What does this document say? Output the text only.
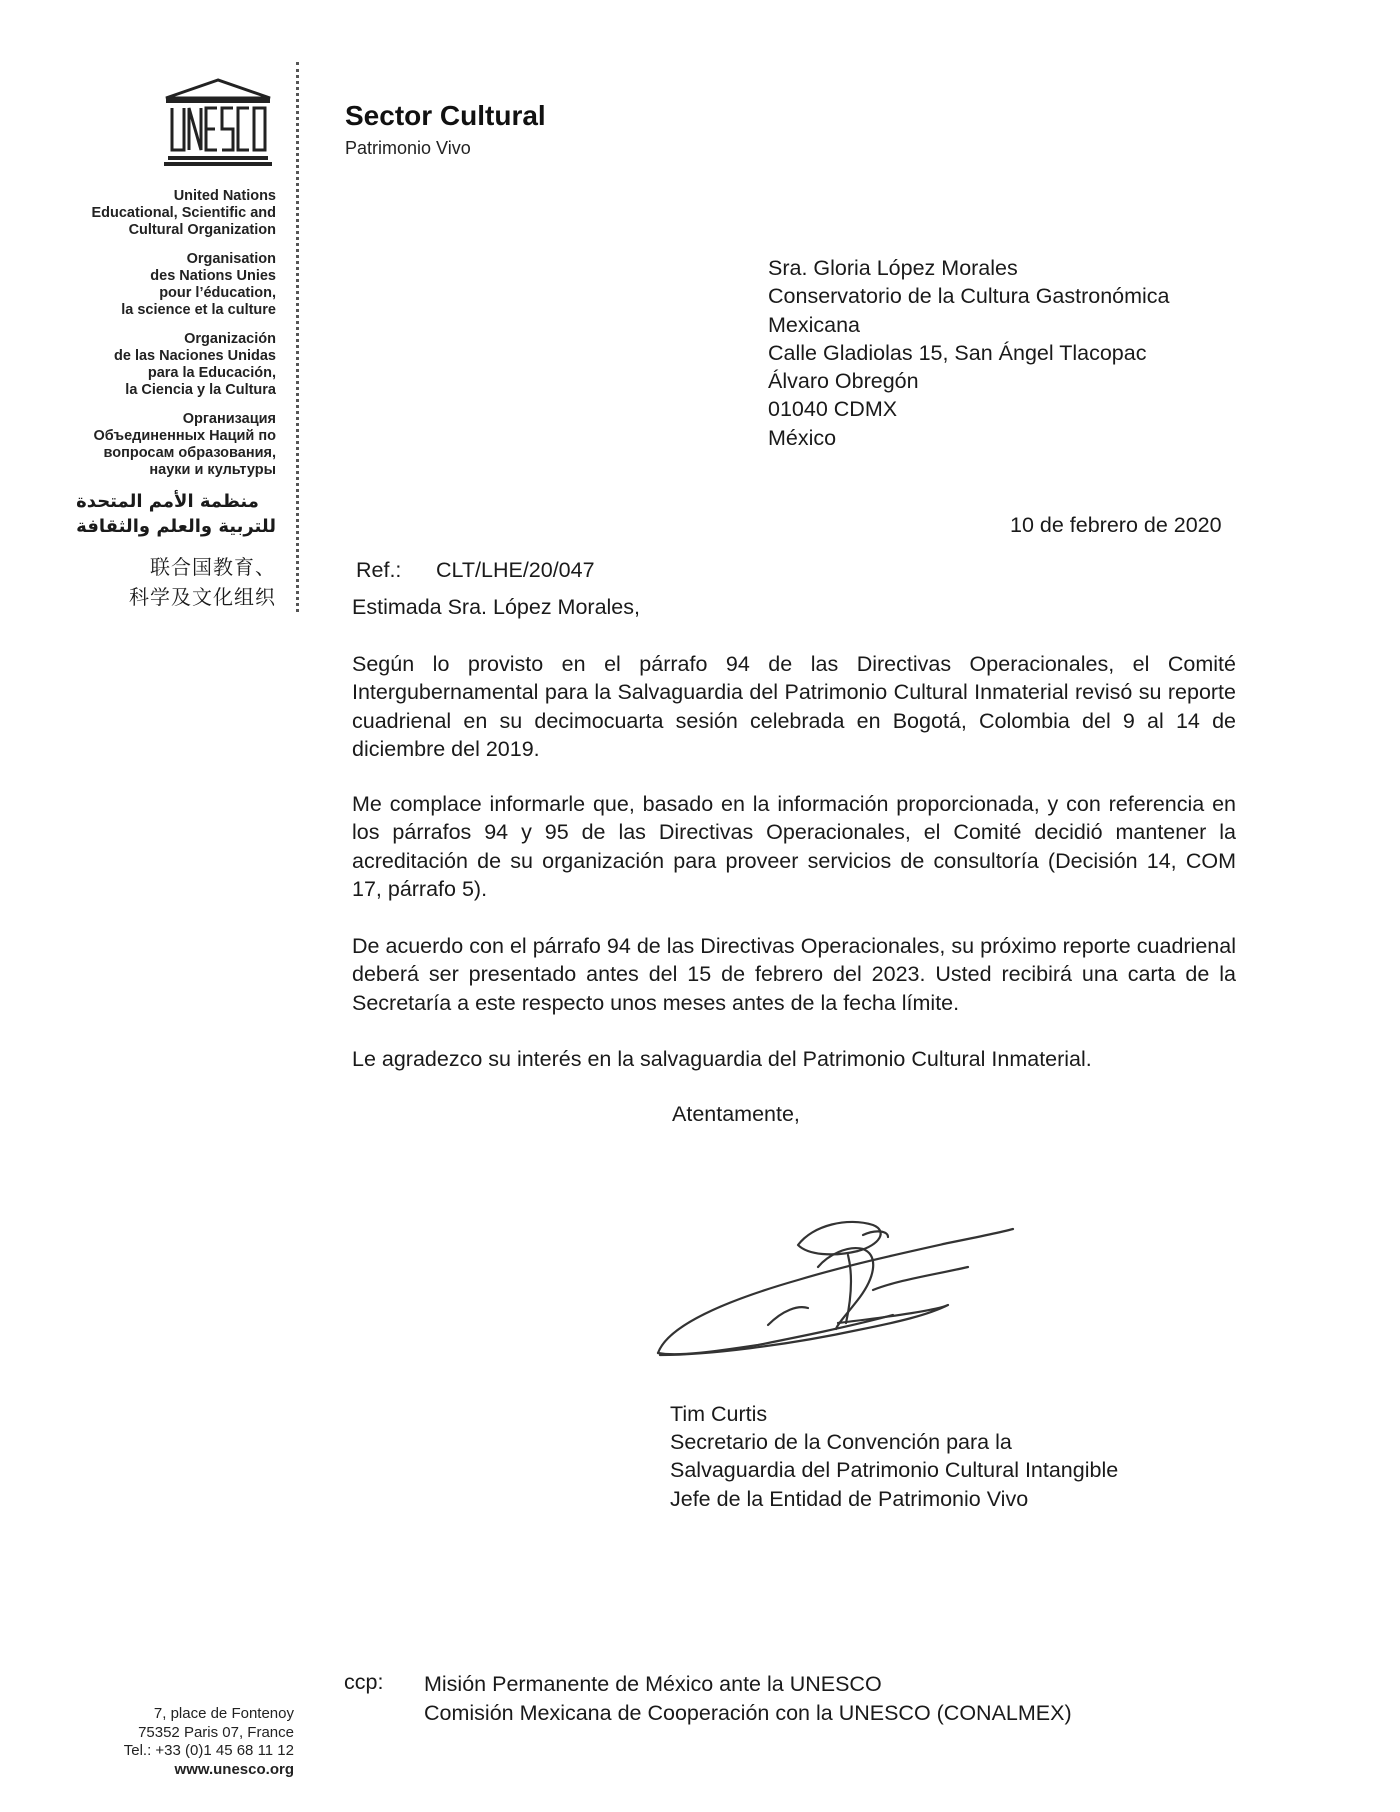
United Nations
Educational, Scientific and
Cultural Organization
Organisation
des Nations Unies
pour l’éducation,
la science et la culture
Organización
de las Naciones Unidas
para la Educación,
la Ciencia y la Cultura
Организация
Объединенных Наций по
вопросам образования,
науки и культуры
منظمة الأمم المتحدة
للتربية والعلم والثقافة
联合国教育、
科学及文化组织
Sector Cultural
Patrimonio Vivo
Sra. Gloria López Morales
Conservatorio de la Cultura Gastronómica
Mexicana
Calle Gladiolas 15, San Ángel Tlacopac
Álvaro Obregón
01040 CDMX
México
10 de febrero de 2020
Ref.: CLT/LHE/20/047
Estimada Sra. López Morales,

Según lo provisto en el párrafo 94 de las Directivas Operacionales, el Comité Intergubernamental para la Salvaguardia del Patrimonio Cultural Inmaterial revisó su reporte cuadrienal en su decimocuarta sesión celebrada en Bogotá, Colombia del 9 al 14 de diciembre del 2019.

Me complace informarle que, basado en la información proporcionada, y con referencia en los párrafos 94 y 95 de las Directivas Operacionales, el Comité decidió mantener la acreditación de su organización para proveer servicios de consultoría (Decisión 14, COM 17, párrafo 5).

De acuerdo con el párrafo 94 de las Directivas Operacionales, su próximo reporte cuadrienal deberá ser presentado antes del 15 de febrero del 2023. Usted recibirá una carta de la Secretaría a este respecto unos meses antes de la fecha límite.

Le agradezco su interés en la salvaguardia del Patrimonio Cultural Inmaterial.

Atentamente,
Tim Curtis
Secretario de la Convención para la
Salvaguardia del Patrimonio Cultural Intangible
Jefe de la Entidad de Patrimonio Vivo
ccp: Misión Permanente de México ante la UNESCO
Comisión Mexicana de Cooperación con la UNESCO (CONALMEX)
7, place de Fontenoy
75352 Paris 07, France
Tel.: +33 (0)1 45 68 11 12
www.unesco.org
